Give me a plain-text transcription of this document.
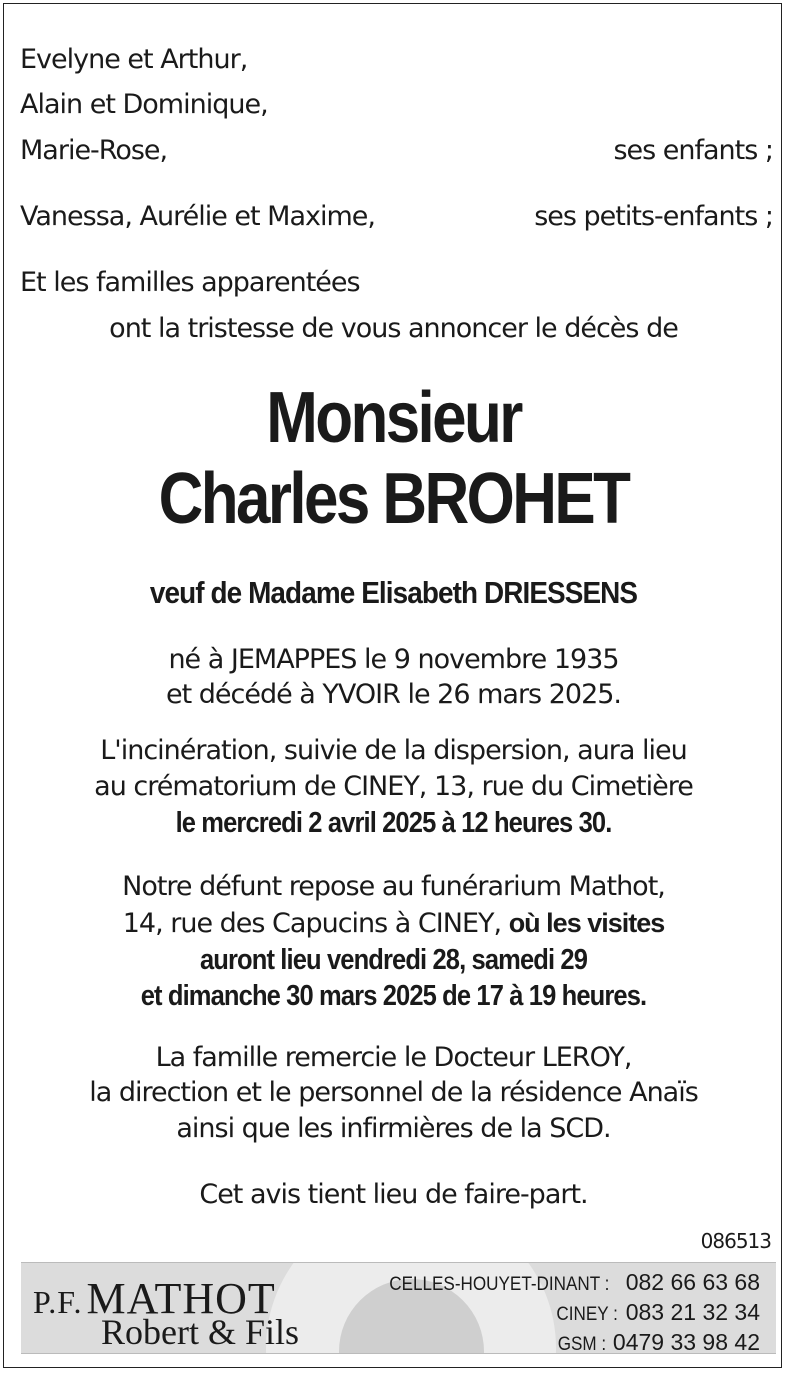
Evelyne et Arthur,
Alain et Dominique,
Marie-Rose,	ses enfants ;
Vanessa, Aurélie et Maxime,	ses petits-enfants ;
Et les familles apparentées
ont la tristesse de vous annoncer le décès de
Monsieur
Charles BROHET
veuf de Madame Elisabeth DRIESSENS
né à JEMAPPES le 9 novembre 1935
et décédé à YVOIR le 26 mars 2025.
L'incinération, suivie de la dispersion, aura lieu
au crématorium de CINEY, 13, rue du Cimetière
le mercredi 2 avril 2025 à 12 heures 30.
Notre défunt repose au funérarium Mathot,
14, rue des Capucins à CINEY, où les visites
auront lieu vendredi 28, samedi 29
et dimanche 30 mars 2025 de 17 à 19 heures.
La famille remercie le Docteur LEROY,
la direction et le personnel de la résidence Anaïs
ainsi que les infirmières de la SCD.
Cet avis tient lieu de faire-part.
086513
P.F. MATHOT
Robert & Fils
CELLES-HOUYET-DINANT : 082 66 63 68
CINEY : 083 21 32 34
GSM : 0479 33 98 42
